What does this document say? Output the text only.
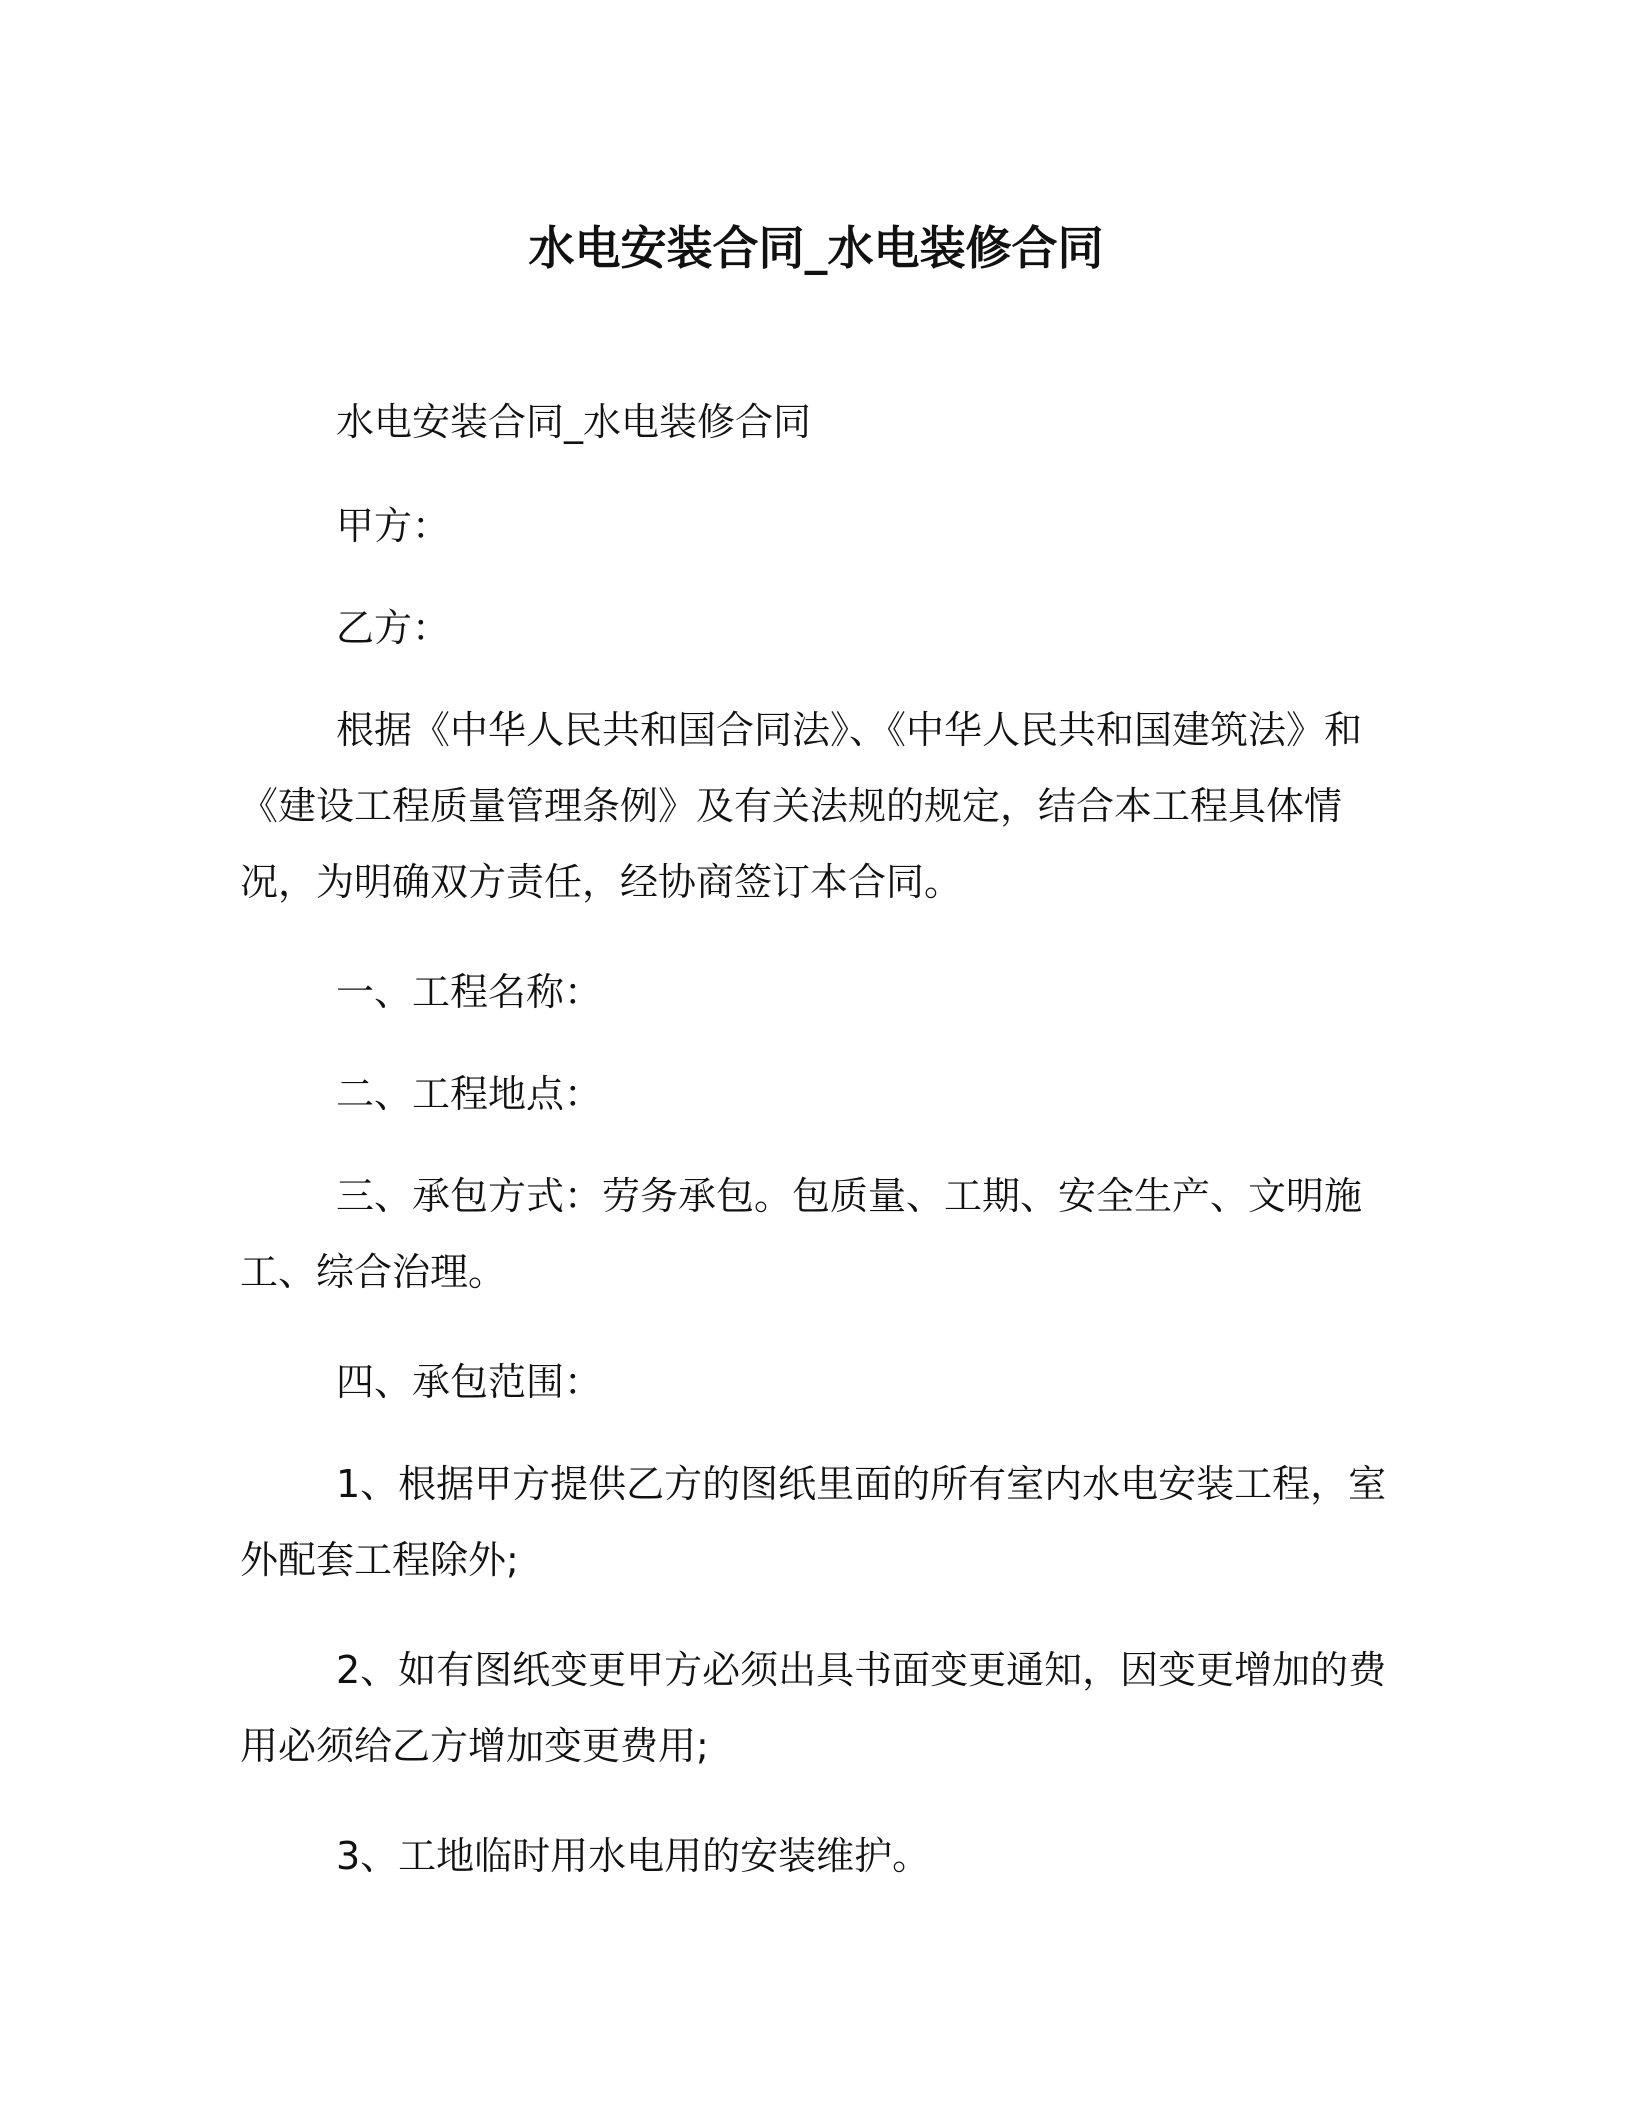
水电安装合同_水电装修合同

水电安装合同_水电装修合同

甲方：

乙方：

根据《中华人民共和国合同法》、《中华人民共和国建筑法》和《建设工程质量管理条例》及有关法规的规定，结合本工程具体情况，为明确双方责任，经协商签订本合同。

一、工程名称：

二、工程地点：

三、承包方式：劳务承包。包质量、工期、安全生产、文明施工、综合治理。

四、承包范围：

1、根据甲方提供乙方的图纸里面的所有室内水电安装工程，室外配套工程除外;

2、如有图纸变更甲方必须出具书面变更通知，因变更增加的费用必须给乙方增加变更费用;

3、工地临时用水电用的安装维护。
